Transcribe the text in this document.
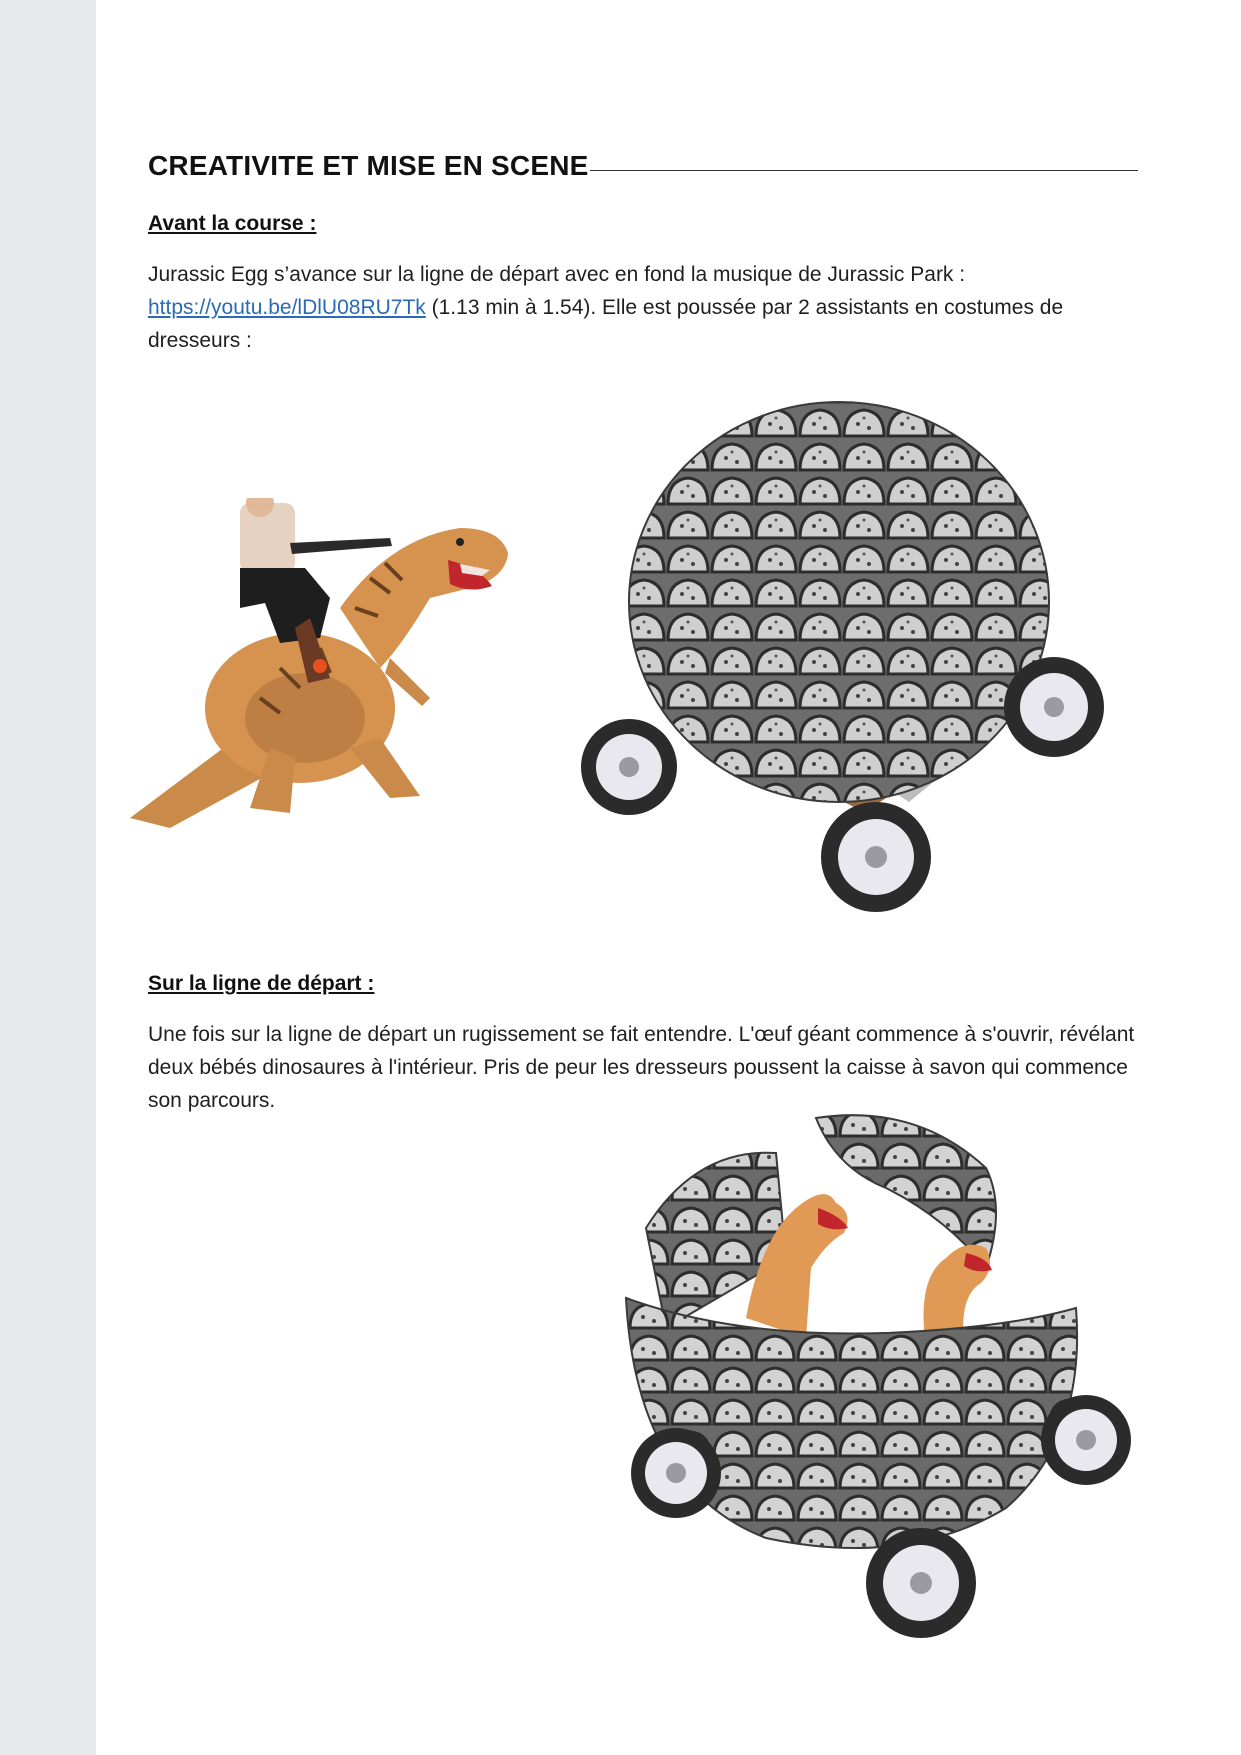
CREATIVITE ET MISE EN SCENE
Avant la course :
Jurassic Egg s’avance sur la ligne de départ avec en fond la musique de Jurassic Park :
https://youtu.be/lDlU08RU7Tk (1.13 min à 1.54). Elle est poussée par 2 assistants en costumes de dresseurs :
Sur la ligne de départ :
Une fois sur la ligne de départ un rugissement se fait entendre. L'œuf géant commence à s'ouvrir, révélant deux bébés dinosaures à l'intérieur. Pris de peur les dresseurs poussent la caisse à savon qui commence son parcours.
